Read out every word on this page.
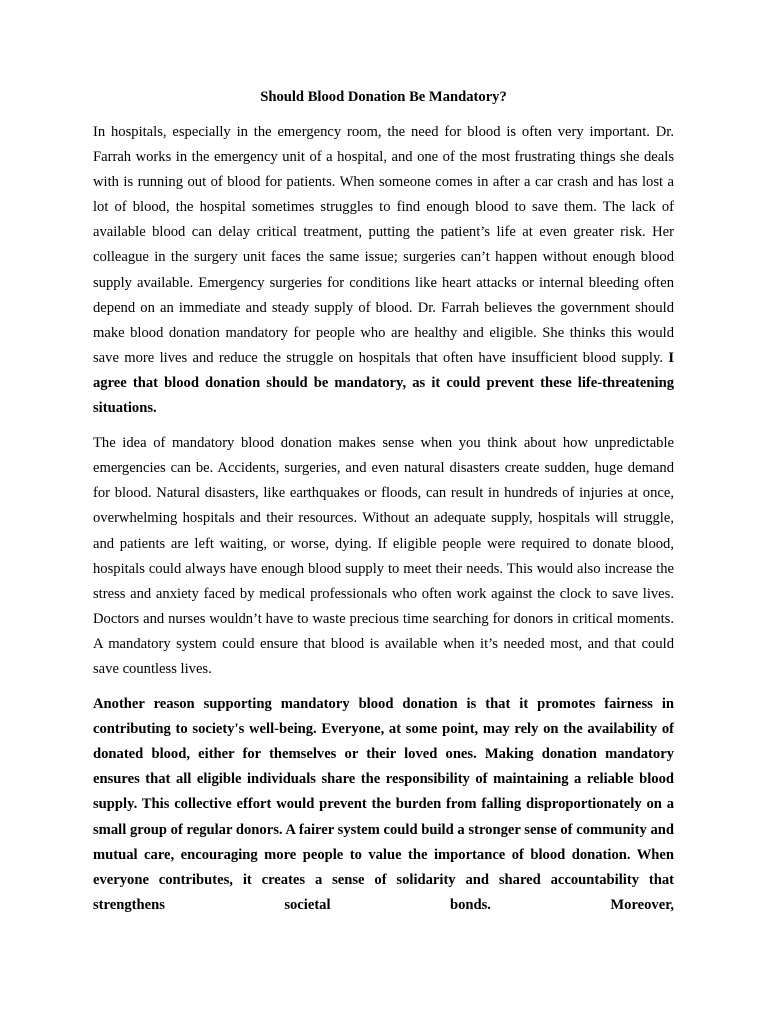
Should Blood Donation Be Mandatory?

In hospitals, especially in the emergency room, the need for blood is often very important. Dr. Farrah works in the emergency unit of a hospital, and one of the most frustrating things she deals with is running out of blood for patients. When someone comes in after a car crash and has lost a lot of blood, the hospital sometimes struggles to find enough blood to save them. The lack of available blood can delay critical treatment, putting the patient’s life at even greater risk. Her colleague in the surgery unit faces the same issue; surgeries can’t happen without enough blood supply available. Emergency surgeries for conditions like heart attacks or internal bleeding often depend on an immediate and steady supply of blood. Dr. Farrah believes the government should make blood donation mandatory for people who are healthy and eligible. She thinks this would save more lives and reduce the struggle on hospitals that often have insufficient blood supply. I agree that blood donation should be mandatory, as it could prevent these life-threatening situations.

The idea of mandatory blood donation makes sense when you think about how unpredictable emergencies can be. Accidents, surgeries, and even natural disasters create sudden, huge demand for blood. Natural disasters, like earthquakes or floods, can result in hundreds of injuries at once, overwhelming hospitals and their resources. Without an adequate supply, hospitals will struggle, and patients are left waiting, or worse, dying. If eligible people were required to donate blood, hospitals could always have enough blood supply to meet their needs. This would also increase the stress and anxiety faced by medical professionals who often work against the clock to save lives. Doctors and nurses wouldn’t have to waste precious time searching for donors in critical moments. A mandatory system could ensure that blood is available when it’s needed most, and that could save countless lives.

Another reason supporting mandatory blood donation is that it promotes fairness in contributing to society's well-being. Everyone, at some point, may rely on the availability of donated blood, either for themselves or their loved ones. Making donation mandatory ensures that all eligible individuals share the responsibility of maintaining a reliable blood supply. This collective effort would prevent the burden from falling disproportionately on a small group of regular donors. A fairer system could build a stronger sense of community and mutual care, encouraging more people to value the importance of blood donation. When everyone contributes, it creates a sense of solidarity and shared accountability that strengthens societal bonds. Moreover,
